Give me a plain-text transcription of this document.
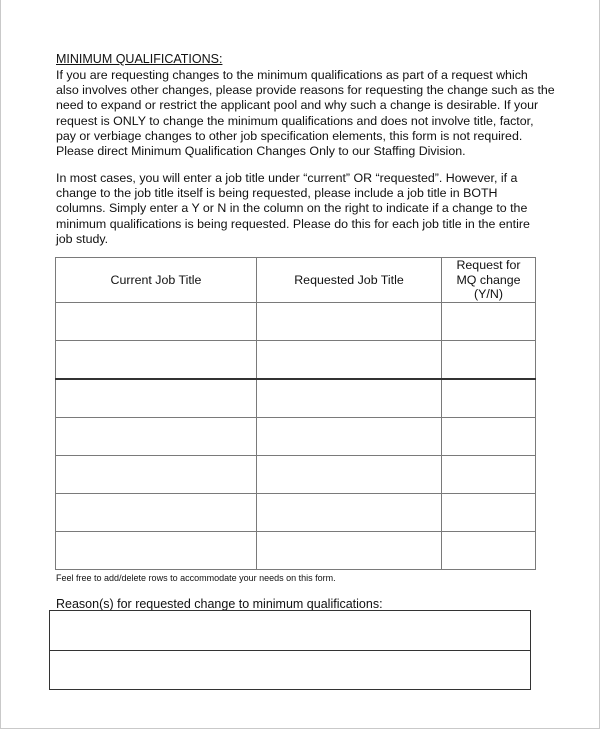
MINIMUM QUALIFICATIONS:
If you are requesting changes to the minimum qualifications as part of a request which
also involves other changes, please provide reasons for requesting the change such as the
need to expand or restrict the applicant pool and why such a change is desirable. If your
request is ONLY to change the minimum qualifications and does not involve title, factor,
pay or verbiage changes to other job specification elements, this form is not required.
Please direct Minimum Qualification Changes Only to our Staffing Division.
In most cases, you will enter a job title under “current” OR “requested”. However, if a
change to the job title itself is being requested, please include a job title in BOTH
columns. Simply enter a Y or N in the column on the right to indicate if a change to the
minimum qualifications is being requested. Please do this for each job title in the entire
job study.
Current Job Title	Requested Job Title	Request for
MQ change
(Y/N)

Feel free to add/delete rows to accommodate your needs on this form.
Reason(s) for requested change to minimum qualifications:
